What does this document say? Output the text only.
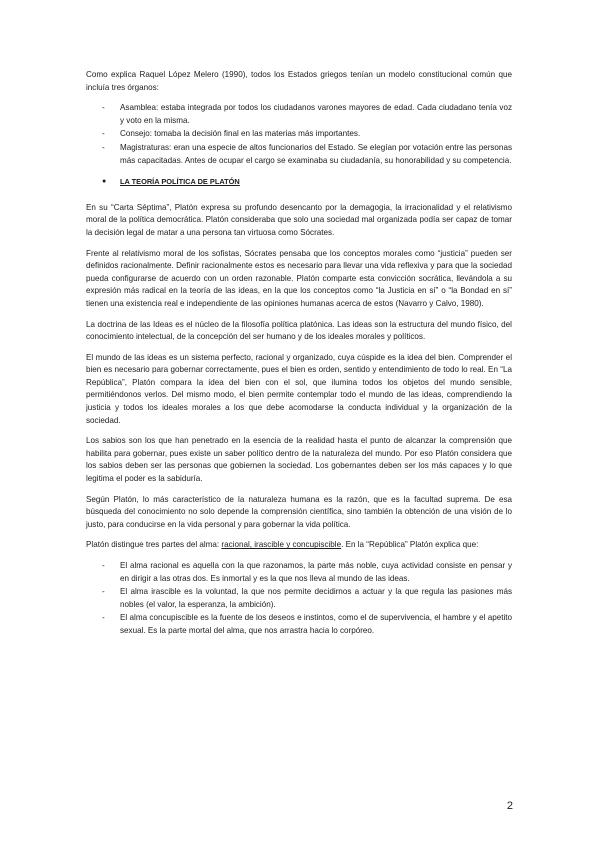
Como explica Raquel López Melero (1990), todos los Estados griegos tenían un modelo constitucional común que incluía tres órganos:

- Asamblea: estaba integrada por todos los ciudadanos varones mayores de edad. Cada ciudadano tenía voz y voto en la misma.
- Consejo: tomaba la decisión final en las materias más importantes.
- Magistraturas: eran una especie de altos funcionarios del Estado. Se elegían por votación entre las personas más capacitadas. Antes de ocupar el cargo se examinaba su ciudadanía, su honorabilidad y su competencia.
● LA TEORÍA POLÍTICA DE PLATÓN

En su “Carta Séptima”, Platón expresa su profundo desencanto por la demagogia, la irracionalidad y el relativismo moral de la política democrática. Platón consideraba que solo una sociedad mal organizada podía ser capaz de tomar la decisión legal de matar a una persona tan virtuosa como Sócrates.

Frente al relativismo moral de los sofistas, Sócrates pensaba que los conceptos morales como “justicia” pueden ser definidos racionalmente. Definir racionalmente estos es necesario para llevar una vida reflexiva y para que la sociedad pueda configurarse de acuerdo con un orden razonable. Platón comparte esta convicción socrática, llevándola a su expresión más radical en la teoría de las ideas, en la que los conceptos como “la Justicia en sí” o “la Bondad en sí” tienen una existencia real e independiente de las opiniones humanas acerca de estos (Navarro y Calvo, 1980).

La doctrina de las Ideas es el núcleo de la filosofía política platónica. Las ideas son la estructura del mundo físico, del conocimiento intelectual, de la concepción del ser humano y de los ideales morales y políticos.

El mundo de las ideas es un sistema perfecto, racional y organizado, cuya cúspide es la idea del bien. Comprender el bien es necesario para gobernar correctamente, pues el bien es orden, sentido y entendimiento de todo lo real. En “La República”, Platón compara la idea del bien con el sol, que ilumina todos los objetos del mundo sensible, permitiéndonos verlos. Del mismo modo, el bien permite contemplar todo el mundo de las ideas, comprendiendo la justicia y todos los ideales morales a los que debe acomodarse la conducta individual y la organización de la sociedad.

Los sabios son los que han penetrado en la esencia de la realidad hasta el punto de alcanzar la comprensión que habilita para gobernar, pues existe un saber político dentro de la naturaleza del mundo. Por eso Platón considera que los sabios deben ser las personas que gobiernen la sociedad. Los gobernantes deben ser los más capaces y lo que legitima el poder es la sabiduría.

Según Platón, lo más característico de la naturaleza humana es la razón, que es la facultad suprema. De esa búsqueda del conocimiento no solo depende la comprensión científica, sino también la obtención de una visión de lo justo, para conducirse en la vida personal y para gobernar la vida política.

Platón distingue tres partes del alma: racional, irascible y concupiscible. En la “República” Platón explica que:

- El alma racional es aquella con la que razonamos, la parte más noble, cuya actividad consiste en pensar y en dirigir a las otras dos. Es inmortal y es la que nos lleva al mundo de las ideas.
- El alma irascible es la voluntad, la que nos permite decidirnos a actuar y la que regula las pasiones más nobles (el valor, la esperanza, la ambición).
- El alma concupiscible es la fuente de los deseos e instintos, como el de supervivencia, el hambre y el apetito sexual. Es la parte mortal del alma, que nos arrastra hacia lo corpóreo.
2
